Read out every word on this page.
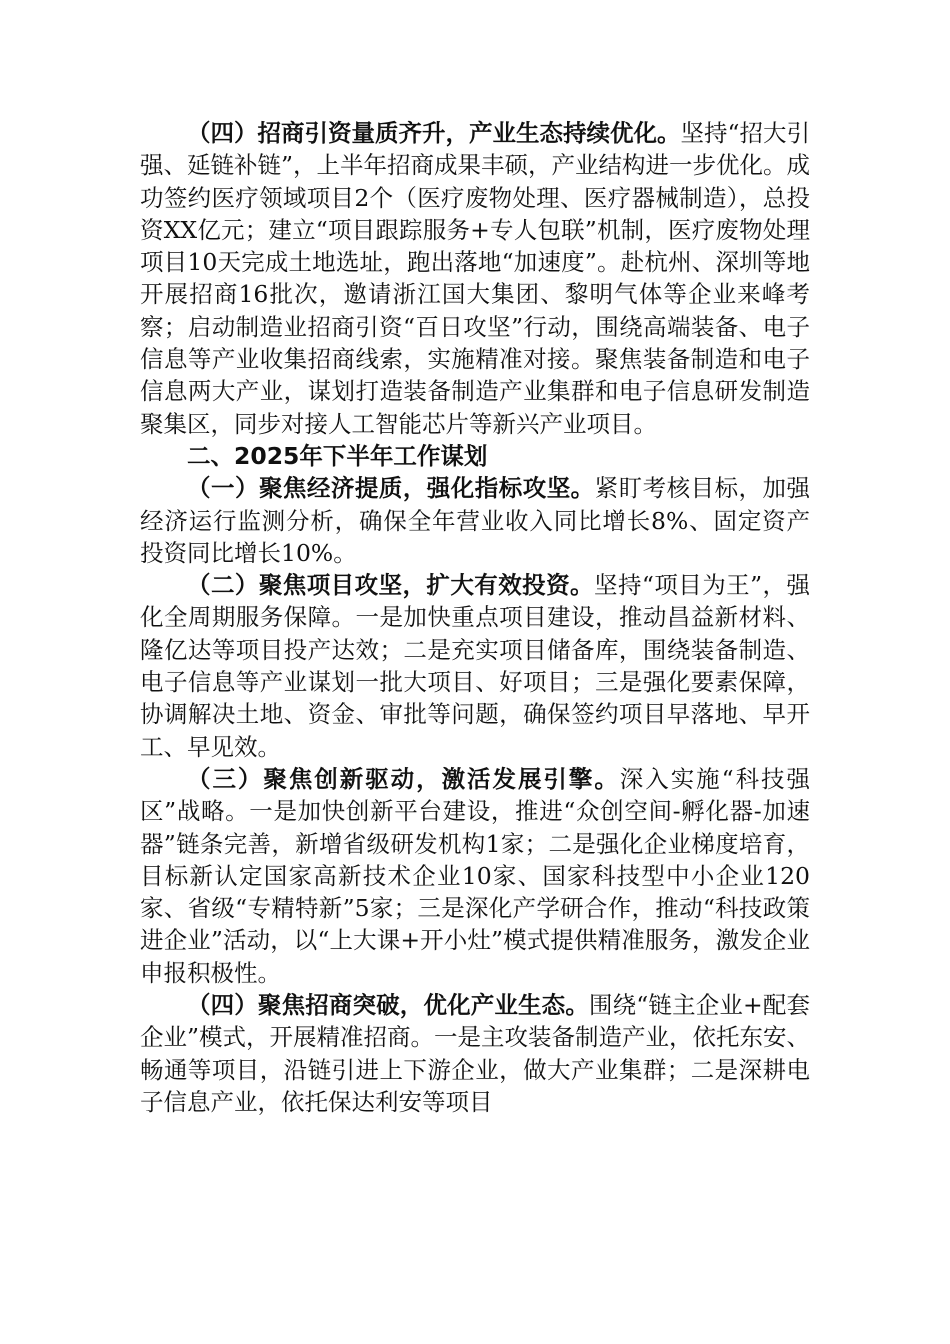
（四）招商引资量质齐升，产业生态持续优化。坚持“招大引强、延链补链”，上半年招商成果丰硕，产业结构进一步优化。成功签约医疗领域项目2个（医疗废物处理、医疗器械制造），总投资XX亿元；建立“项目跟踪服务+专人包联”机制，医疗废物处理项目10天完成土地选址，跑出落地“加速度”。赴杭州、深圳等地开展招商16批次，邀请浙江国大集团、黎明气体等企业来峰考察；启动制造业招商引资“百日攻坚”行动，围绕高端装备、电子信息等产业收集招商线索，实施精准对接。聚焦装备制造和电子信息两大产业，谋划打造装备制造产业集群和电子信息研发制造聚集区，同步对接人工智能芯片等新兴产业项目。

二、2025年下半年工作谋划

（一）聚焦经济提质，强化指标攻坚。紧盯考核目标，加强经济运行监测分析，确保全年营业收入同比增长8%、固定资产投资同比增长10%。

（二）聚焦项目攻坚，扩大有效投资。坚持“项目为王”，强化全周期服务保障。一是加快重点项目建设，推动昌益新材料、隆亿达等项目投产达效；二是充实项目储备库，围绕装备制造、电子信息等产业谋划一批大项目、好项目；三是强化要素保障，协调解决土地、资金、审批等问题，确保签约项目早落地、早开工、早见效。

（三）聚焦创新驱动，激活发展引擎。深入实施“科技强区”战略。一是加快创新平台建设，推进“众创空间-孵化器-加速器”链条完善，新增省级研发机构1家；二是强化企业梯度培育，目标新认定国家高新技术企业10家、国家科技型中小企业120家、省级“专精特新”5家；三是深化产学研合作，推动“科技政策进企业”活动，以“上大课+开小灶”模式提供精准服务，激发企业申报积极性。

（四）聚焦招商突破，优化产业生态。围绕“链主企业+配套企业”模式，开展精准招商。一是主攻装备制造产业，依托东安、畅通等项目，沿链引进上下游企业，做大产业集群；二是深耕电子信息产业，依托保达利安等项目
